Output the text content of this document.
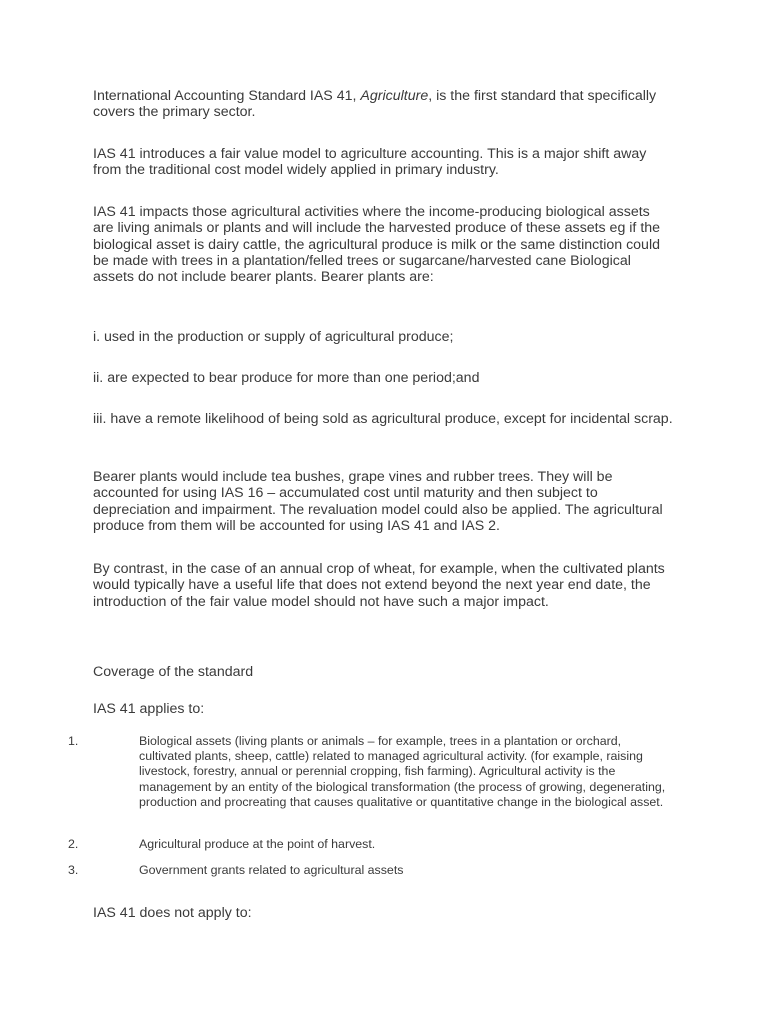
International Accounting Standard IAS 41, Agriculture, is the first standard that specifically covers the primary sector.

IAS 41 introduces a fair value model to agriculture accounting. This is a major shift away from the traditional cost model widely applied in primary industry.

IAS 41 impacts those agricultural activities where the income-producing biological assets are living animals or plants and will include the harvested produce of these assets eg if the biological asset is dairy cattle, the agricultural produce is milk or the same distinction could be made with trees in a plantation/felled trees or sugarcane/harvested cane Biological assets do not include bearer plants. Bearer plants are:

i. used in the production or supply of agricultural produce;

ii. are expected to bear produce for more than one period;and

iii. have a remote likelihood of being sold as agricultural produce, except for incidental scrap.

Bearer plants would include tea bushes, grape vines and rubber trees. They will be accounted for using IAS 16 – accumulated cost until maturity and then subject to depreciation and impairment. The revaluation model could also be applied. The agricultural produce from them will be accounted for using IAS 41 and IAS 2.

By contrast, in the case of an annual crop of wheat, for example, when the cultivated plants would typically have a useful life that does not extend beyond the next year end date, the introduction of the fair value model should not have such a major impact.

Coverage of the standard

IAS 41 applies to:

1.	Biological assets (living plants or animals – for example, trees in a plantation or orchard, cultivated plants, sheep, cattle) related to managed agricultural activity. (for example, raising livestock, forestry, annual or perennial cropping, fish farming). Agricultural activity is the management by an entity of the biological transformation (the process of growing, degenerating, production and procreating that causes qualitative or quantitative change in the biological asset.
2.	Agricultural produce at the point of harvest.
3.	Government grants related to agricultural assets

IAS 41 does not apply to:
